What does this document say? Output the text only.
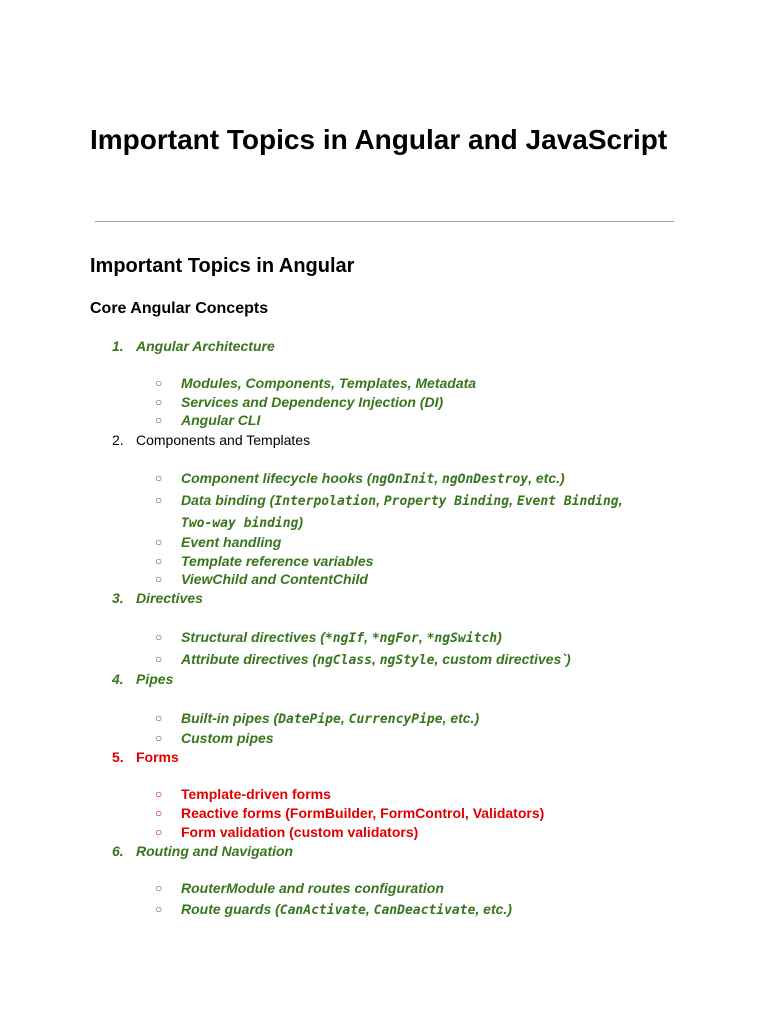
Important Topics in Angular and JavaScript
Important Topics in Angular
Core Angular Concepts
1. Angular Architecture
○ Modules, Components, Templates, Metadata
○ Services and Dependency Injection (DI)
○ Angular CLI
2. Components and Templates
○ Component lifecycle hooks (ngOnInit, ngOnDestroy, etc.)
○ Data binding (Interpolation, Property Binding, Event Binding,
Two-way binding)
○ Event handling
○ Template reference variables
○ ViewChild and ContentChild
3. Directives
○ Structural directives (*ngIf, *ngFor, *ngSwitch)
○ Attribute directives (ngClass, ngStyle, custom directives`)
4. Pipes
○ Built-in pipes (DatePipe, CurrencyPipe, etc.)
○ Custom pipes
5. Forms
○ Template-driven forms
○ Reactive forms (FormBuilder, FormControl, Validators)
○ Form validation (custom validators)
6. Routing and Navigation
○ RouterModule and routes configuration
○ Route guards (CanActivate, CanDeactivate, etc.)
